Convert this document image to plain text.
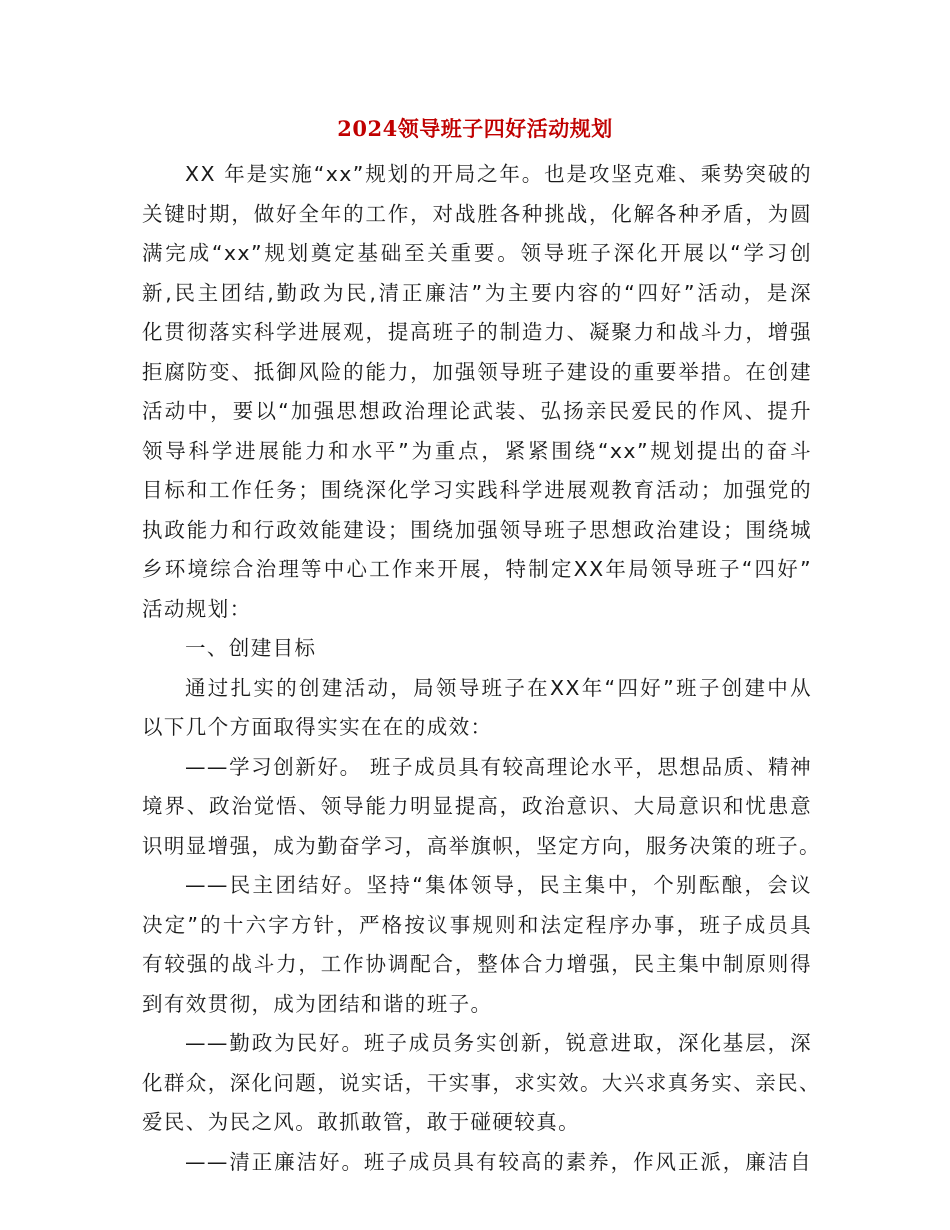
2024领导班子四好活动规划
XX 年是实施“xx”规划的开局之年。也是攻坚克难、乘势突破的
关键时期，做好全年的工作，对战胜各种挑战，化解各种矛盾，为圆
满完成“xx”规划奠定基础至关重要。领导班子深化开展以“学习创
新,民主团结,勤政为民,清正廉洁”为主要内容的“四好”活动，是深
化贯彻落实科学进展观，提高班子的制造力、凝聚力和战斗力，增强
拒腐防变、抵御风险的能力，加强领导班子建设的重要举措。在创建
活动中，要以“加强思想政治理论武装、弘扬亲民爱民的作风、提升
领导科学进展能力和水平”为重点，紧紧围绕“xx”规划提出的奋斗
目标和工作任务；围绕深化学习实践科学进展观教育活动；加强党的
执政能力和行政效能建设；围绕加强领导班子思想政治建设；围绕城
乡环境综合治理等中心工作来开展，特制定XX年局领导班子“四好”
活动规划：
一、创建目标
通过扎实的创建活动，局领导班子在XX年“四好”班子创建中从
以下几个方面取得实实在在的成效：
——学习创新好。 班子成员具有较高理论水平，思想品质、精神
境界、政治觉悟、领导能力明显提高，政治意识、大局意识和忧患意
识明显增强，成为勤奋学习，高举旗帜，坚定方向，服务决策的班子。
——民主团结好。坚持“集体领导，民主集中，个别酝酿，会议
决定”的十六字方针，严格按议事规则和法定程序办事，班子成员具
有较强的战斗力，工作协调配合，整体合力增强，民主集中制原则得
到有效贯彻，成为团结和谐的班子。
——勤政为民好。班子成员务实创新，锐意进取，深化基层，深
化群众，深化问题，说实话，干实事，求实效。大兴求真务实、亲民、
爱民、为民之风。敢抓敢管，敢于碰硬较真。
——清正廉洁好。班子成员具有较高的素养，作风正派，廉洁自
